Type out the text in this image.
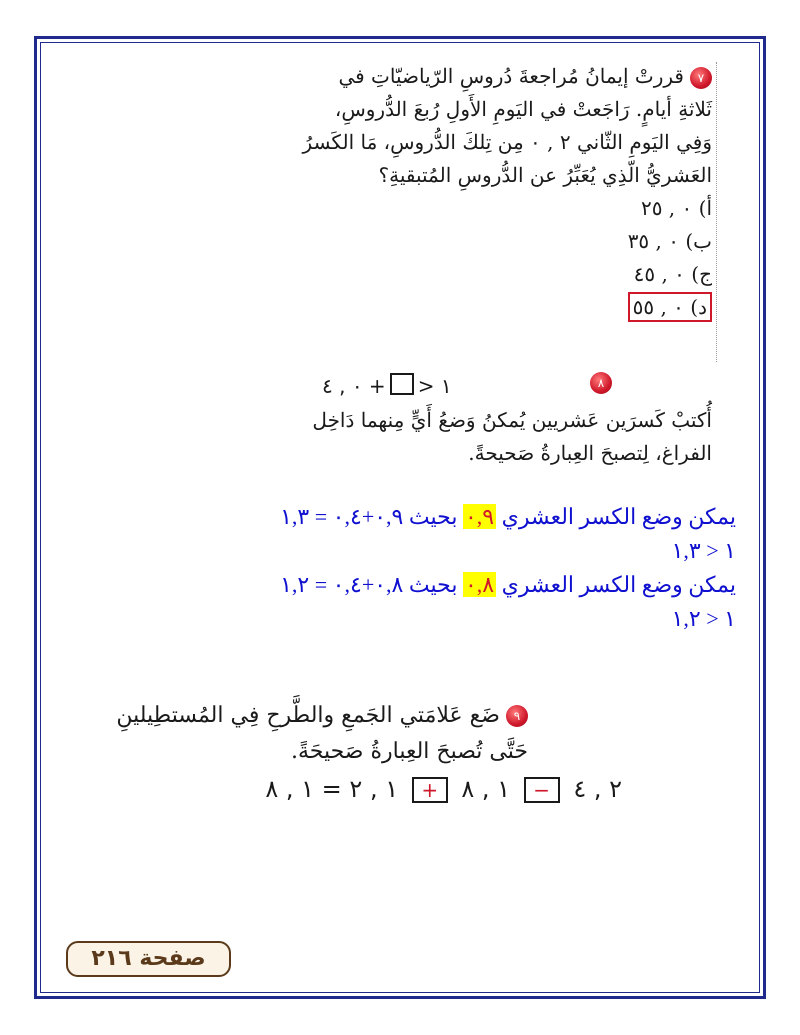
٧قررتْ إيمانُ مُراجعةَ دُروسِ الرّياضيّاتِ في
ثَلاثةِ أيامٍ. رَاجَعتْ في اليَومِ الأَولِ رُبعَ الدُّروسِ،
وَفِي اليَومِ الثّاني ٢ , ٠ مِن تِلكَ الدُّروسِ، مَا الكَسرُ
العَشريُّ الّذِي يُعَبِّرُ عن الدُّروسِ المُتبقيةِ؟
أ) ٠ , ٢٥
ب) ٠ , ٣٥
ج) ٠ , ٤٥
د) ٠ , ٥٥
٨
١ <+ ٠ , ٤
أُكتبْ كَسرَين عَشريين يُمكنُ وَضعُ أَيٍّ مِنهما دَاخِل
الفراغ، لِتصبحَ العِبارةُ صَحيحةً.
يمكن وضع الكسر العشري ٠,٩ بحيث ٠,٩+٠,٤ = ١,٣
١ < ١,٣
يمكن وضع الكسر العشري ٠,٨ بحيث ٠,٨+٠,٤ = ١,٢
١ < ١,٢
٩ضَع عَلامَتي الجَمعِ والطَّرحِ فِي المُستطِيلينِ
حَتَّى تُصبحَ العِبارةُ صَحيحَةً.
٢ , ٤ − ١ , ٨ + ١ , ٢ = ١ , ٨
صفحة ٢١٦
